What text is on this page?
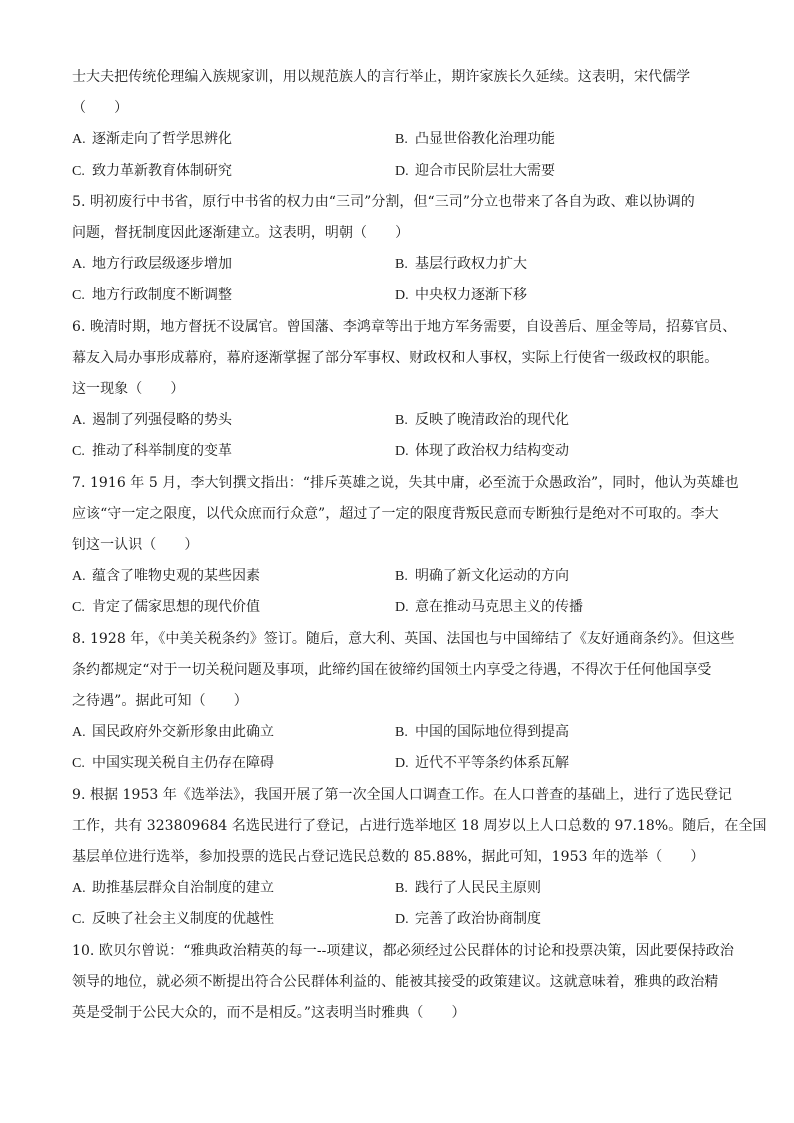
士大夫把传统伦理编入族规家训，用以规范族人的言行举止，期许家族长久延续。这表明，宋代儒学
（　　）
A. 逐渐走向了哲学思辨化	B. 凸显世俗教化治理功能
C. 致力革新教育体制研究	D. 迎合市民阶层壮大需要
5. 明初废行中书省，原行中书省的权力由“三司”分割，但“三司”分立也带来了各自为政、难以协调的
问题，督抚制度因此逐渐建立。这表明，明朝（　　）
A. 地方行政层级逐步增加	B. 基层行政权力扩大
C. 地方行政制度不断调整	D. 中央权力逐渐下移
6. 晚清时期，地方督抚不设属官。曾国藩、李鸿章等出于地方军务需要，自设善后、厘金等局，招募官员、
幕友入局办事形成幕府，幕府逐渐掌握了部分军事权、财政权和人事权，实际上行使省一级政权的职能。
这一现象（　　）
A. 遏制了列强侵略的势头	B. 反映了晚清政治的现代化
C. 推动了科举制度的变革	D. 体现了政治权力结构变动
7. 1916 年 5 月，李大钊撰文指出：“排斥英雄之说，失其中庸，必至流于众愚政治”，同时，他认为英雄也
应该“守一定之限度，以代众庶而行众意”，超过了一定的限度背叛民意而专断独行是绝对不可取的。李大
钊这一认识（　　）
A. 蕴含了唯物史观的某些因素	B. 明确了新文化运动的方向
C. 肯定了儒家思想的现代价值	D. 意在推动马克思主义的传播
8. 1928 年，《中美关税条约》签订。随后，意大利、英国、法国也与中国缔结了《友好通商条约》。但这些
条约都规定“对于一切关税问题及事项，此缔约国在彼缔约国领土内享受之待遇，不得次于任何他国享受
之待遇”。据此可知（　　）
A. 国民政府外交新形象由此确立	B. 中国的国际地位得到提高
C. 中国实现关税自主仍存在障碍	D. 近代不平等条约体系瓦解
9. 根据 1953 年《选举法》，我国开展了第一次全国人口调查工作。在人口普查的基础上，进行了选民登记
工作，共有 323809684 名选民进行了登记，占进行选举地区 18 周岁以上人口总数的 97.18%。随后，在全国
基层单位进行选举，参加投票的选民占登记选民总数的 85.88%，据此可知，1953 年的选举（　　）
A. 助推基层群众自治制度的建立	B. 践行了人民民主原则
C. 反映了社会主义制度的优越性	D. 完善了政治协商制度
10. 欧贝尔曾说：“雅典政治精英的每一--项建议，都必须经过公民群体的讨论和投票决策，因此要保持政治
领导的地位，就必须不断提出符合公民群体利益的、能被其接受的政策建议。这就意味着，雅典的政治精
英是受制于公民大众的，而不是相反。”这表明当时雅典（　　）
